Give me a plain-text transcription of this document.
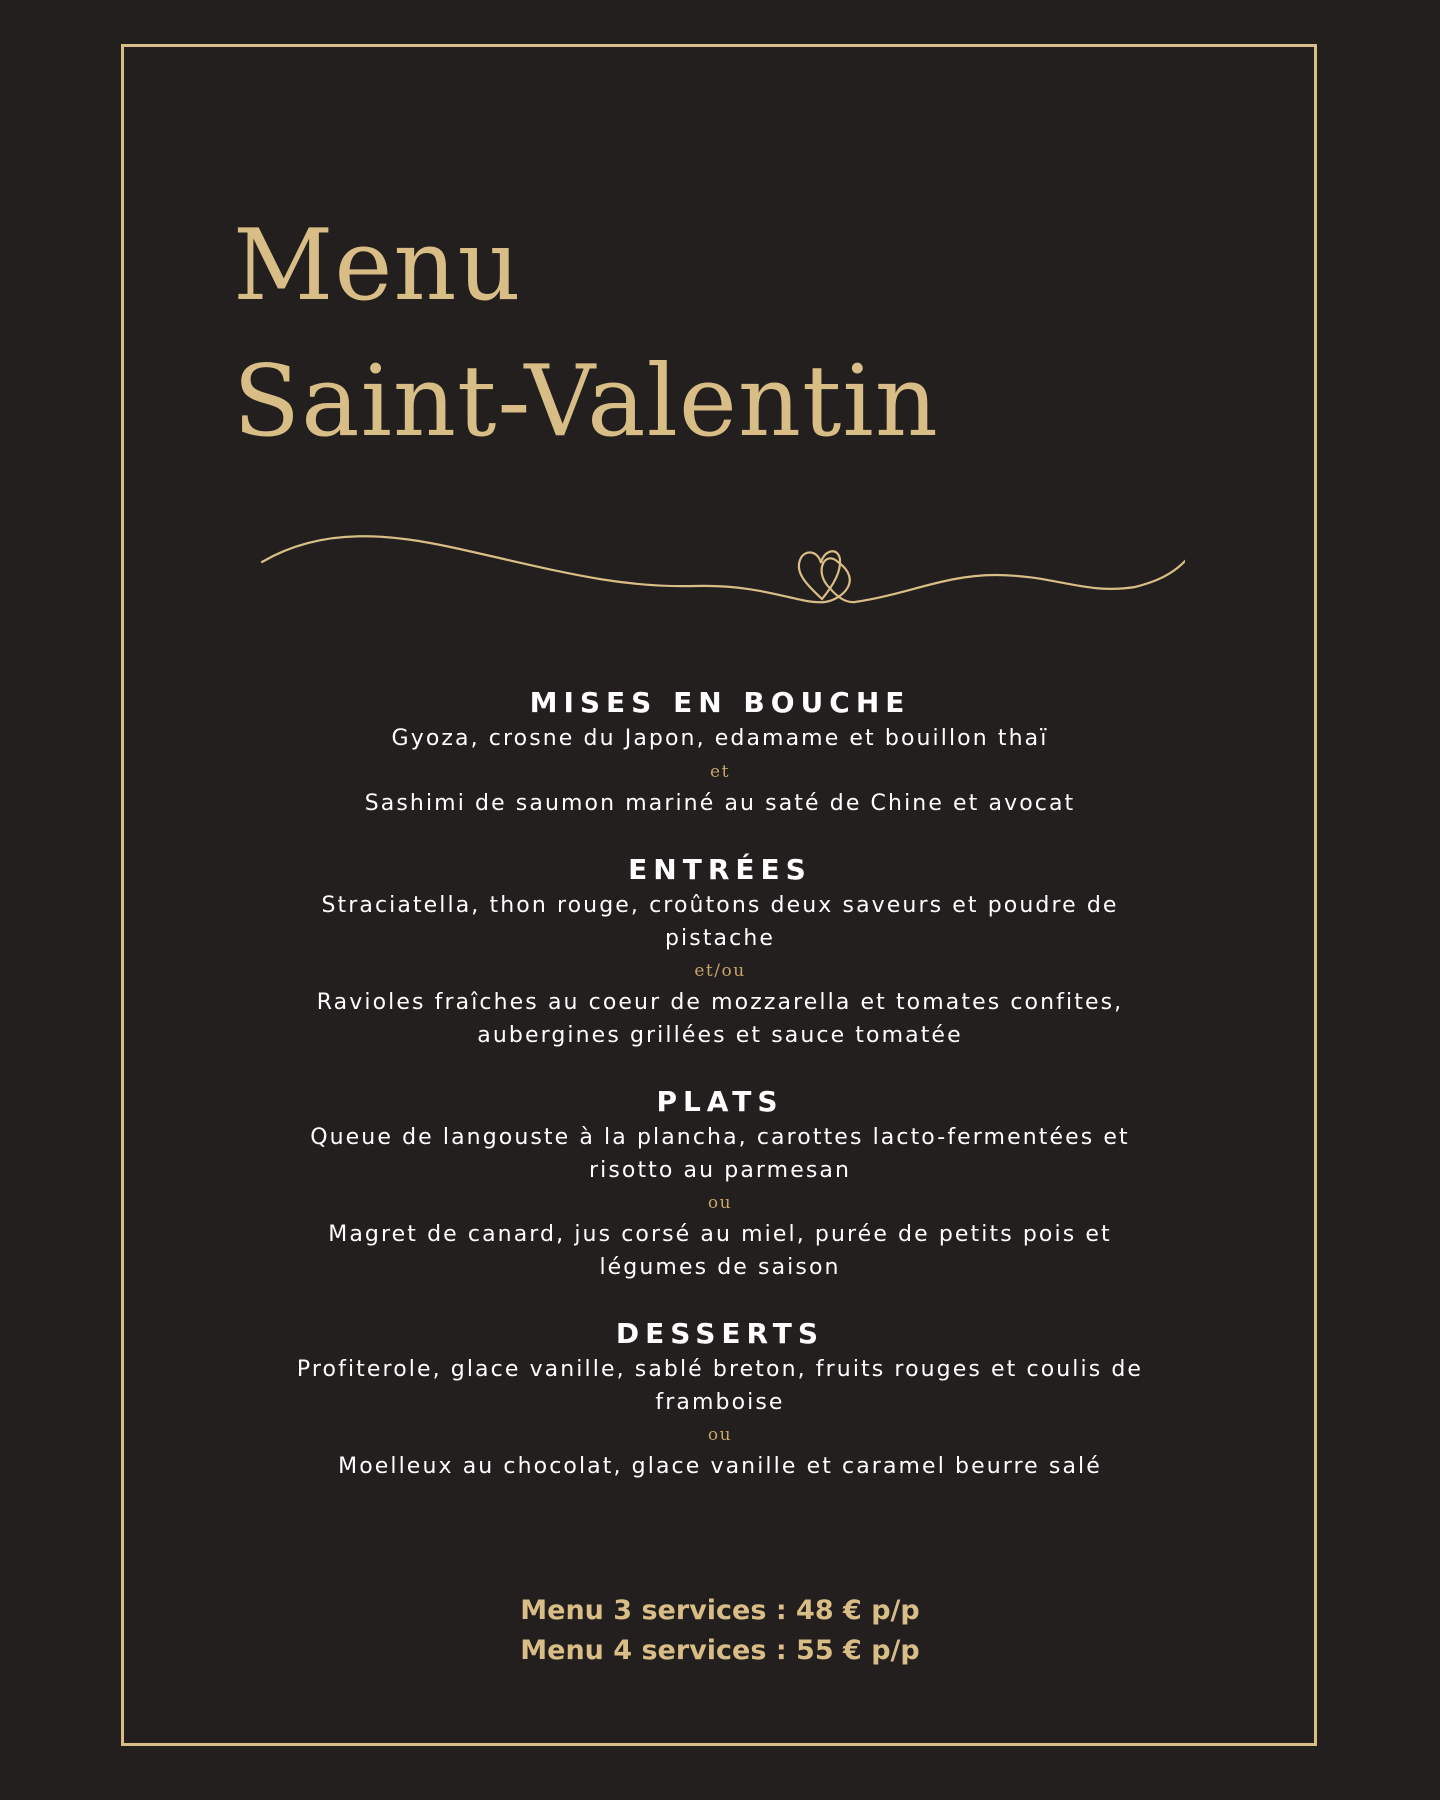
Menu
Saint-Valentin

MISES EN BOUCHE

Gyoza, crosne du Japon, edamame et bouillon thaï

et

Sashimi de saumon mariné au saté de Chine et avocat

ENTRÉES

Straciatella, thon rouge, croûtons deux saveurs et poudre de pistache

et/ou

Ravioles fraîches au coeur de mozzarella et tomates confites, aubergines grillées et sauce tomatée

PLATS

Queue de langouste à la plancha, carottes lacto-fermentées et risotto au parmesan

ou

Magret de canard, jus corsé au miel, purée de petits pois et légumes de saison

DESSERTS

Profiterole, glace vanille, sablé breton, fruits rouges et coulis de framboise

ou

Moelleux au chocolat, glace vanille et caramel beurre salé

Menu 3 services : 48 € p/p
Menu 4 services : 55 € p/p
